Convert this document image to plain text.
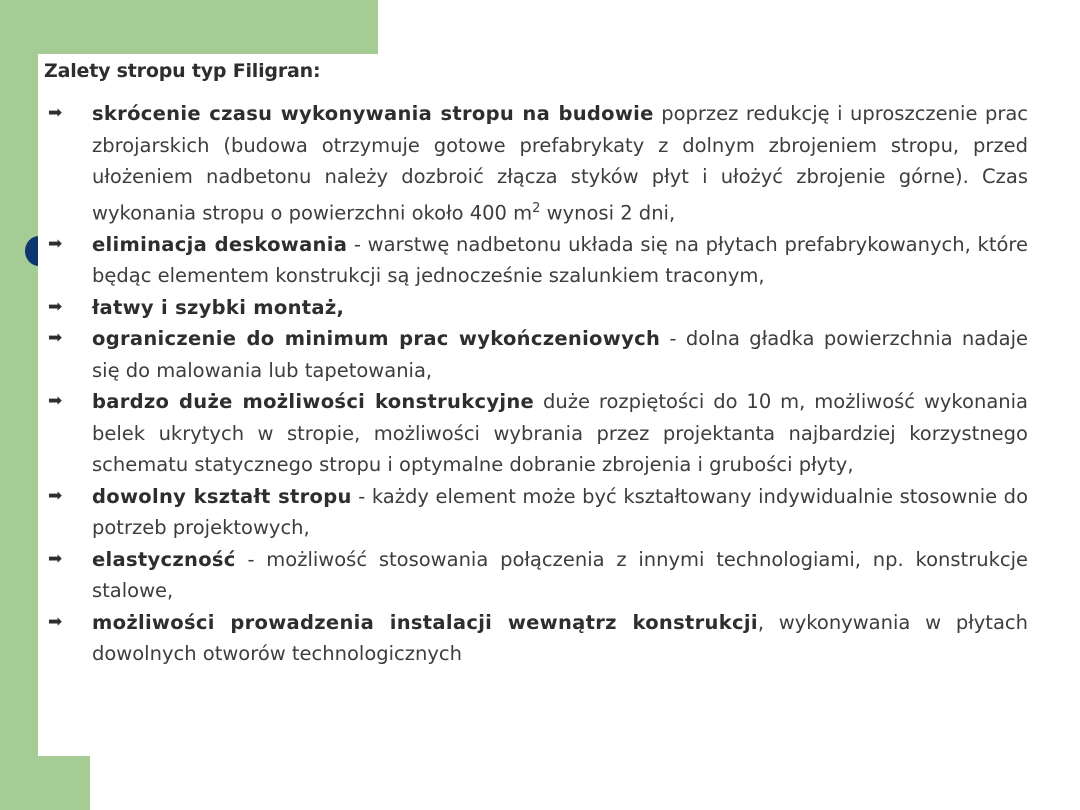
Zalety stropu typ Filigran:
➡ skrócenie czasu wykonywania stropu na budowie poprzez redukcję i uproszczenie prac zbrojarskich (budowa otrzymuje gotowe prefabrykaty z dolnym zbrojeniem stropu, przed ułożeniem nadbetonu należy dozbroić złącza styków płyt i ułożyć zbrojenie górne). Czas wykonania stropu o powierzchni około 400 $m^2$ wynosi 2 dni,
➡ eliminacja deskowania - warstwę nadbetonu układa się na płytach prefabrykowanych, które będąc elementem konstrukcji są jednocześnie szalunkiem traconym,
➡ łatwy i szybki montaż,
➡ ograniczenie do minimum prac wykończeniowych - dolna gładka powierzchnia nadaje się do malowania lub tapetowania,
➡ bardzo duże możliwości konstrukcyjne duże rozpiętości do 10 m, możliwość wykonania belek ukrytych w stropie, możliwości wybrania przez projektanta najbardziej korzystnego schematu statycznego stropu i optymalne dobranie zbrojenia i grubości płyty,
➡ dowolny kształt stropu - każdy element może być kształtowany indywidualnie stosownie do potrzeb projektowych,
➡ elastyczność - możliwość stosowania połączenia z innymi technologiami, np. konstrukcje stalowe,
➡ możliwości prowadzenia instalacji wewnątrz konstrukcji, wykonywania w płytach dowolnych otworów technologicznych
